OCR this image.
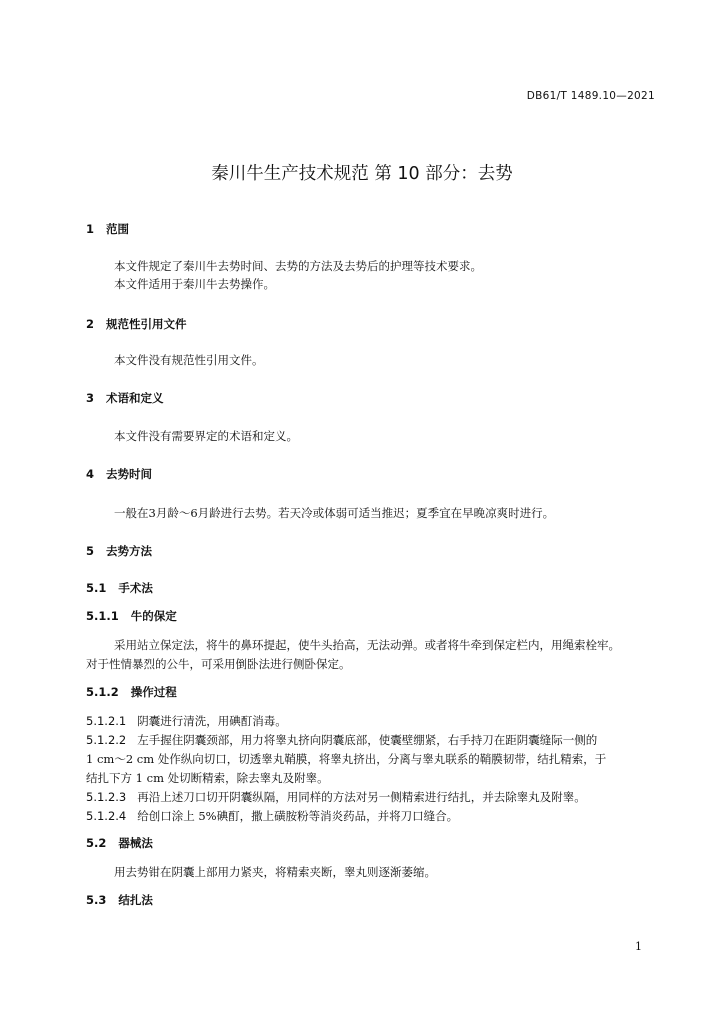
DB61/T 1489.10—2021
秦川牛生产技术规范 第 10 部分：去势
1 范围
本文件规定了秦川牛去势时间、去势的方法及去势后的护理等技术要求。
本文件适用于秦川牛去势操作。
2 规范性引用文件
本文件没有规范性引用文件。
3 术语和定义
本文件没有需要界定的术语和定义。
4 去势时间
一般在3月龄～6月龄进行去势。若天冷或体弱可适当推迟；夏季宜在早晚凉爽时进行。
5 去势方法
5.1 手术法
5.1.1 牛的保定
采用站立保定法，将牛的鼻环提起，使牛头抬高，无法动弹。或者将牛牵到保定栏内，用绳索栓牢。
对于性情暴烈的公牛，可采用倒卧法进行侧卧保定。
5.1.2 操作过程
5.1.2.1 阴囊进行清洗，用碘酊消毒。
5.1.2.2 左手握住阴囊颈部，用力将睾丸挤向阴囊底部，使囊壁绷紧，右手持刀在距阴囊缝际一侧的
1 cm～2 cm 处作纵向切口，切透睾丸鞘膜，将睾丸挤出，分离与睾丸联系的鞘膜韧带，结扎精索，于
结扎下方 1 cm 处切断精索，除去睾丸及附睾。
5.1.2.3 再沿上述刀口切开阴囊纵隔，用同样的方法对另一侧精索进行结扎，并去除睾丸及附睾。
5.1.2.4 给创口涂上 5%碘酊，撒上磺胺粉等消炎药品，并将刀口缝合。
5.2 器械法
用去势钳在阴囊上部用力紧夹，将精索夹断，睾丸则逐渐萎缩。
5.3 结扎法
1
